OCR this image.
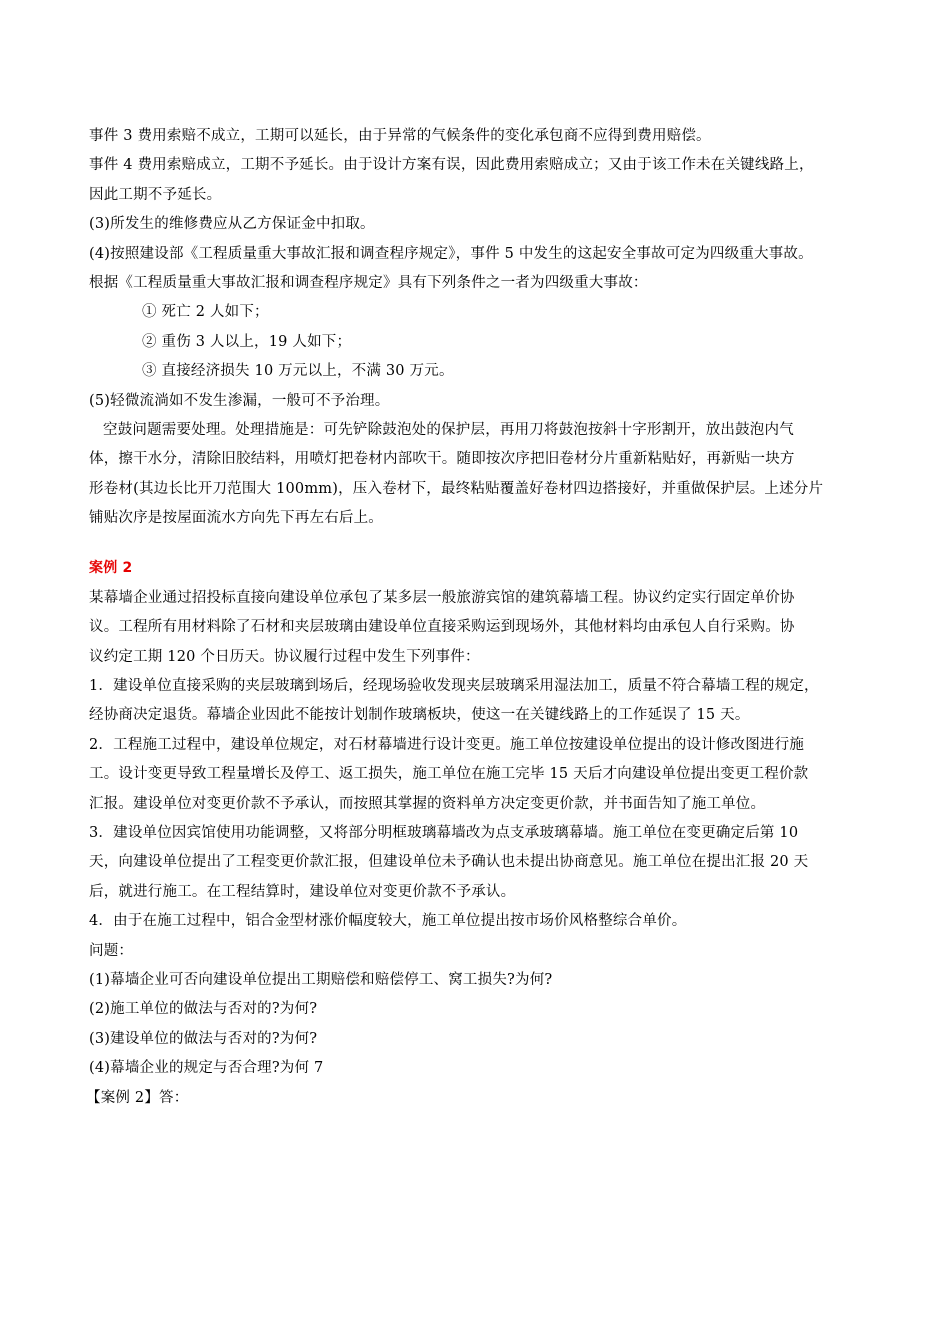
事件 3 费用索赔不成立，工期可以延长，由于异常的气候条件的变化承包商不应得到费用赔偿。
事件 4 费用索赔成立，工期不予延长。由于设计方案有误，因此费用索赔成立；又由于该工作未在关键线路上，
因此工期不予延长。
(3)所发生的维修费应从乙方保证金中扣取。
(4)按照建设部《工程质量重大事故汇报和调查程序规定》，事件 5 中发生的这起安全事故可定为四级重大事故。
根据《工程质量重大事故汇报和调查程序规定》具有下列条件之一者为四级重大事故：
① 死亡 2 人如下；
② 重伤 3 人以上，19 人如下；
③ 直接经济损失 10 万元以上，不满 30 万元。
(5)轻微流淌如不发生渗漏，一般可不予治理。
空鼓问题需要处理。处理措施是：可先铲除鼓泡处的保护层，再用刀将鼓泡按斜十字形割开，放出鼓泡内气
体，擦干水分，清除旧胶结料，用喷灯把卷材内部吹干。随即按次序把旧卷材分片重新粘贴好，再新贴一块方
形卷材(其边长比开刀范围大 100mm)，压入卷材下，最终粘贴覆盖好卷材四边搭接好，并重做保护层。上述分片
铺贴次序是按屋面流水方向先下再左右后上。
案例 2
某幕墙企业通过招投标直接向建设单位承包了某多层一般旅游宾馆的建筑幕墙工程。协议约定实行固定单价协
议。工程所有用材料除了石材和夹层玻璃由建设单位直接采购运到现场外，其他材料均由承包人自行采购。协
议约定工期 120 个日历天。协议履行过程中发生下列事件：
1．建设单位直接采购的夹层玻璃到场后，经现场验收发现夹层玻璃采用湿法加工，质量不符合幕墙工程的规定，
经协商决定退货。幕墙企业因此不能按计划制作玻璃板块，使这一在关键线路上的工作延误了 15 天。
2．工程施工过程中，建设单位规定，对石材幕墙进行设计变更。施工单位按建设单位提出的设计修改图进行施
工。设计变更导致工程量增长及停工、返工损失，施工单位在施工完毕 15 天后才向建设单位提出变更工程价款
汇报。建设单位对变更价款不予承认，而按照其掌握的资料单方决定变更价款，并书面告知了施工单位。
3．建设单位因宾馆使用功能调整，又将部分明框玻璃幕墙改为点支承玻璃幕墙。施工单位在变更确定后第 10
天，向建设单位提出了工程变更价款汇报，但建设单位未予确认也未提出协商意见。施工单位在提出汇报 20 天
后，就进行施工。在工程结算时，建设单位对变更价款不予承认。
4．由于在施工过程中，铝合金型材涨价幅度较大，施工单位提出按市场价风格整综合单价。
问题：
(1)幕墙企业可否向建设单位提出工期赔偿和赔偿停工、窝工损失?为何?
(2)施工单位的做法与否对的?为何?
(3)建设单位的做法与否对的?为何?
(4)幕墙企业的规定与否合理?为何 7
【案例 2】答：
